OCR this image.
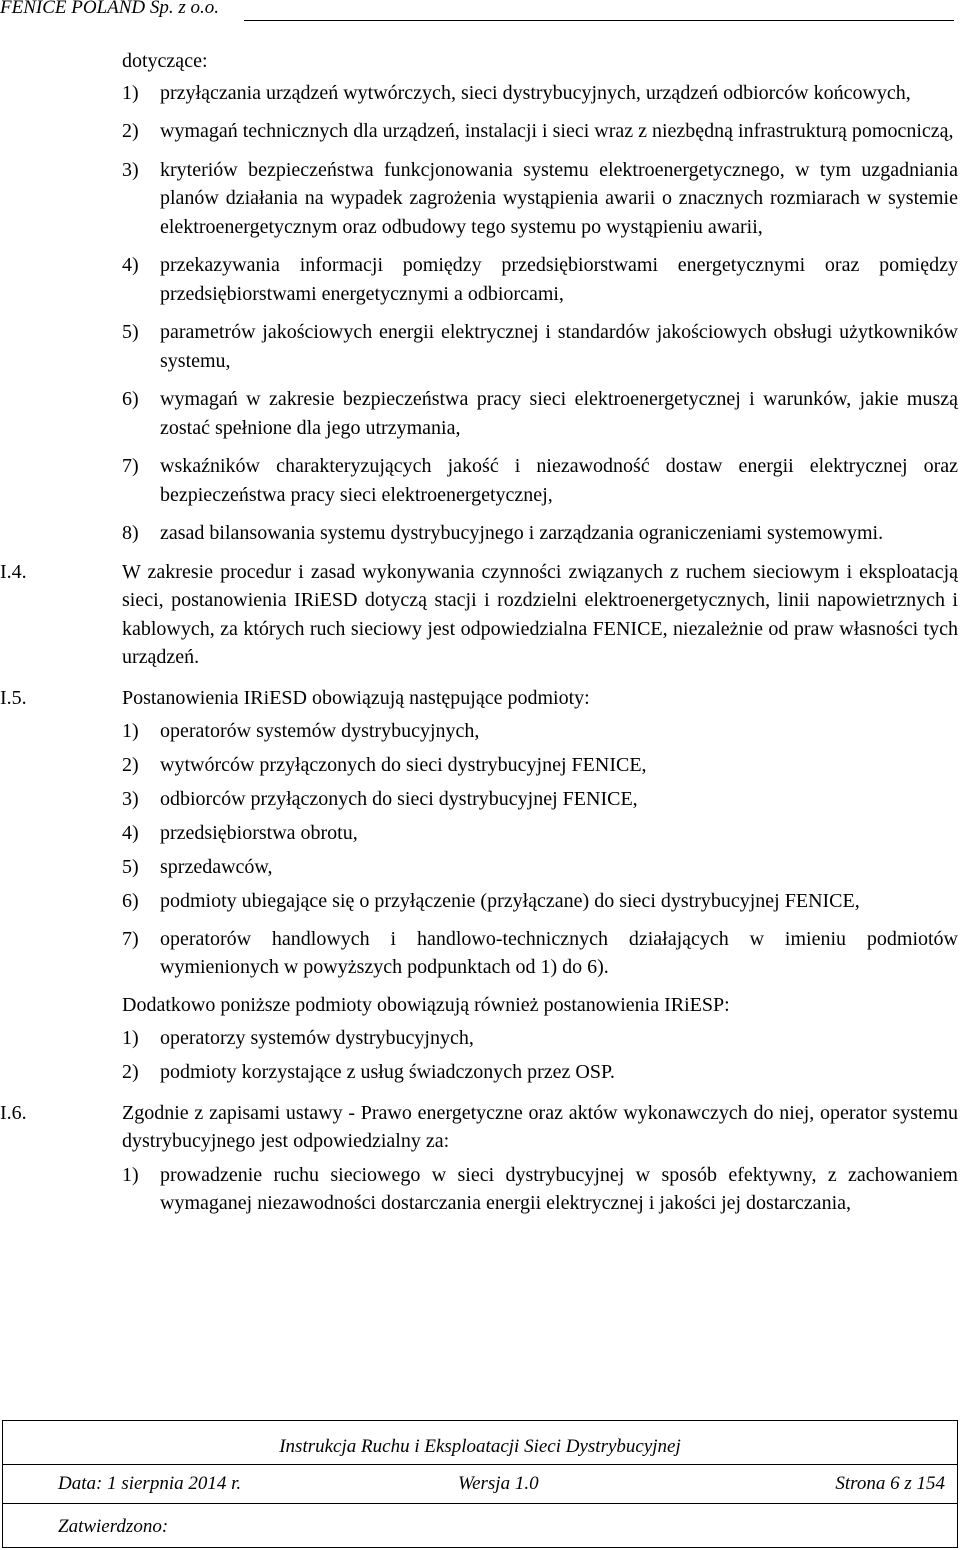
FENICE POLAND Sp. z o.o.

dotyczące:

1)	przyłączania urządzeń wytwórczych, sieci dystrybucyjnych, urządzeń odbiorców końcowych,
2)	wymagań technicznych dla urządzeń, instalacji i sieci wraz z niezbędną infrastrukturą pomocniczą,
3)	kryteriów bezpieczeństwa funkcjonowania systemu elektroenergetycznego, w tym uzgadniania planów działania na wypadek zagrożenia wystąpienia awarii o znacznych rozmiarach w systemie elektroenergetycznym oraz odbudowy tego systemu po wystąpieniu awarii,
4)	przekazywania informacji pomiędzy przedsiębiorstwami energetycznymi oraz pomiędzy przedsiębiorstwami energetycznymi a odbiorcami,
5)	parametrów jakościowych energii elektrycznej i standardów jakościowych obsługi użytkowników systemu,
6)	wymagań w zakresie bezpieczeństwa pracy sieci elektroenergetycznej i warunków, jakie muszą zostać spełnione dla jego utrzymania,
7)	wskaźników charakteryzujących jakość i niezawodność dostaw energii elektrycznej oraz bezpieczeństwa pracy sieci elektroenergetycznej,
8)	zasad bilansowania systemu dystrybucyjnego i zarządzania ograniczeniami systemowymi.
I.4.	W zakresie procedur i zasad wykonywania czynności związanych z ruchem sieciowym i eksploatacją sieci, postanowienia IRiESD dotyczą stacji i rozdzielni elektroenergetycznych, linii napowietrznych i kablowych, za których ruch sieciowy jest odpowiedzialna FENICE, niezależnie od praw własności tych urządzeń.

I.5.	Postanowienia IRiESD obowiązują następujące podmioty:

1)	operatorów systemów dystrybucyjnych,
2)	wytwórców przyłączonych do sieci dystrybucyjnej FENICE,
3)	odbiorców przyłączonych do sieci dystrybucyjnej FENICE,
4)	przedsiębiorstwa obrotu,
5)	sprzedawców,
6)	podmioty ubiegające się o przyłączenie (przyłączane) do sieci dystrybucyjnej FENICE,
7)	operatorów handlowych i handlowo-technicznych działających w imieniu podmiotów wymienionych w powyższych podpunktach od 1) do 6).

Dodatkowo poniższe podmioty obowiązują również postanowienia IRiESP:

1)	operatorzy systemów dystrybucyjnych,
2)	podmioty korzystające z usług świadczonych przez OSP.
I.6.	Zgodnie z zapisami ustawy - Prawo energetyczne oraz aktów wykonawczych do niej, operator systemu dystrybucyjnego jest odpowiedzialny za:

1)	prowadzenie ruchu sieciowego w sieci dystrybucyjnej w sposób efektywny, z zachowaniem wymaganej niezawodności dostarczania energii elektrycznej i jakości jej dostarczania,
Instrukcja Ruchu i Eksploatacji Sieci Dystrybucyjnej
Data: 1 sierpnia 2014 r.	Wersja 1.0	Strona 6 z 154
Zatwierdzono:
